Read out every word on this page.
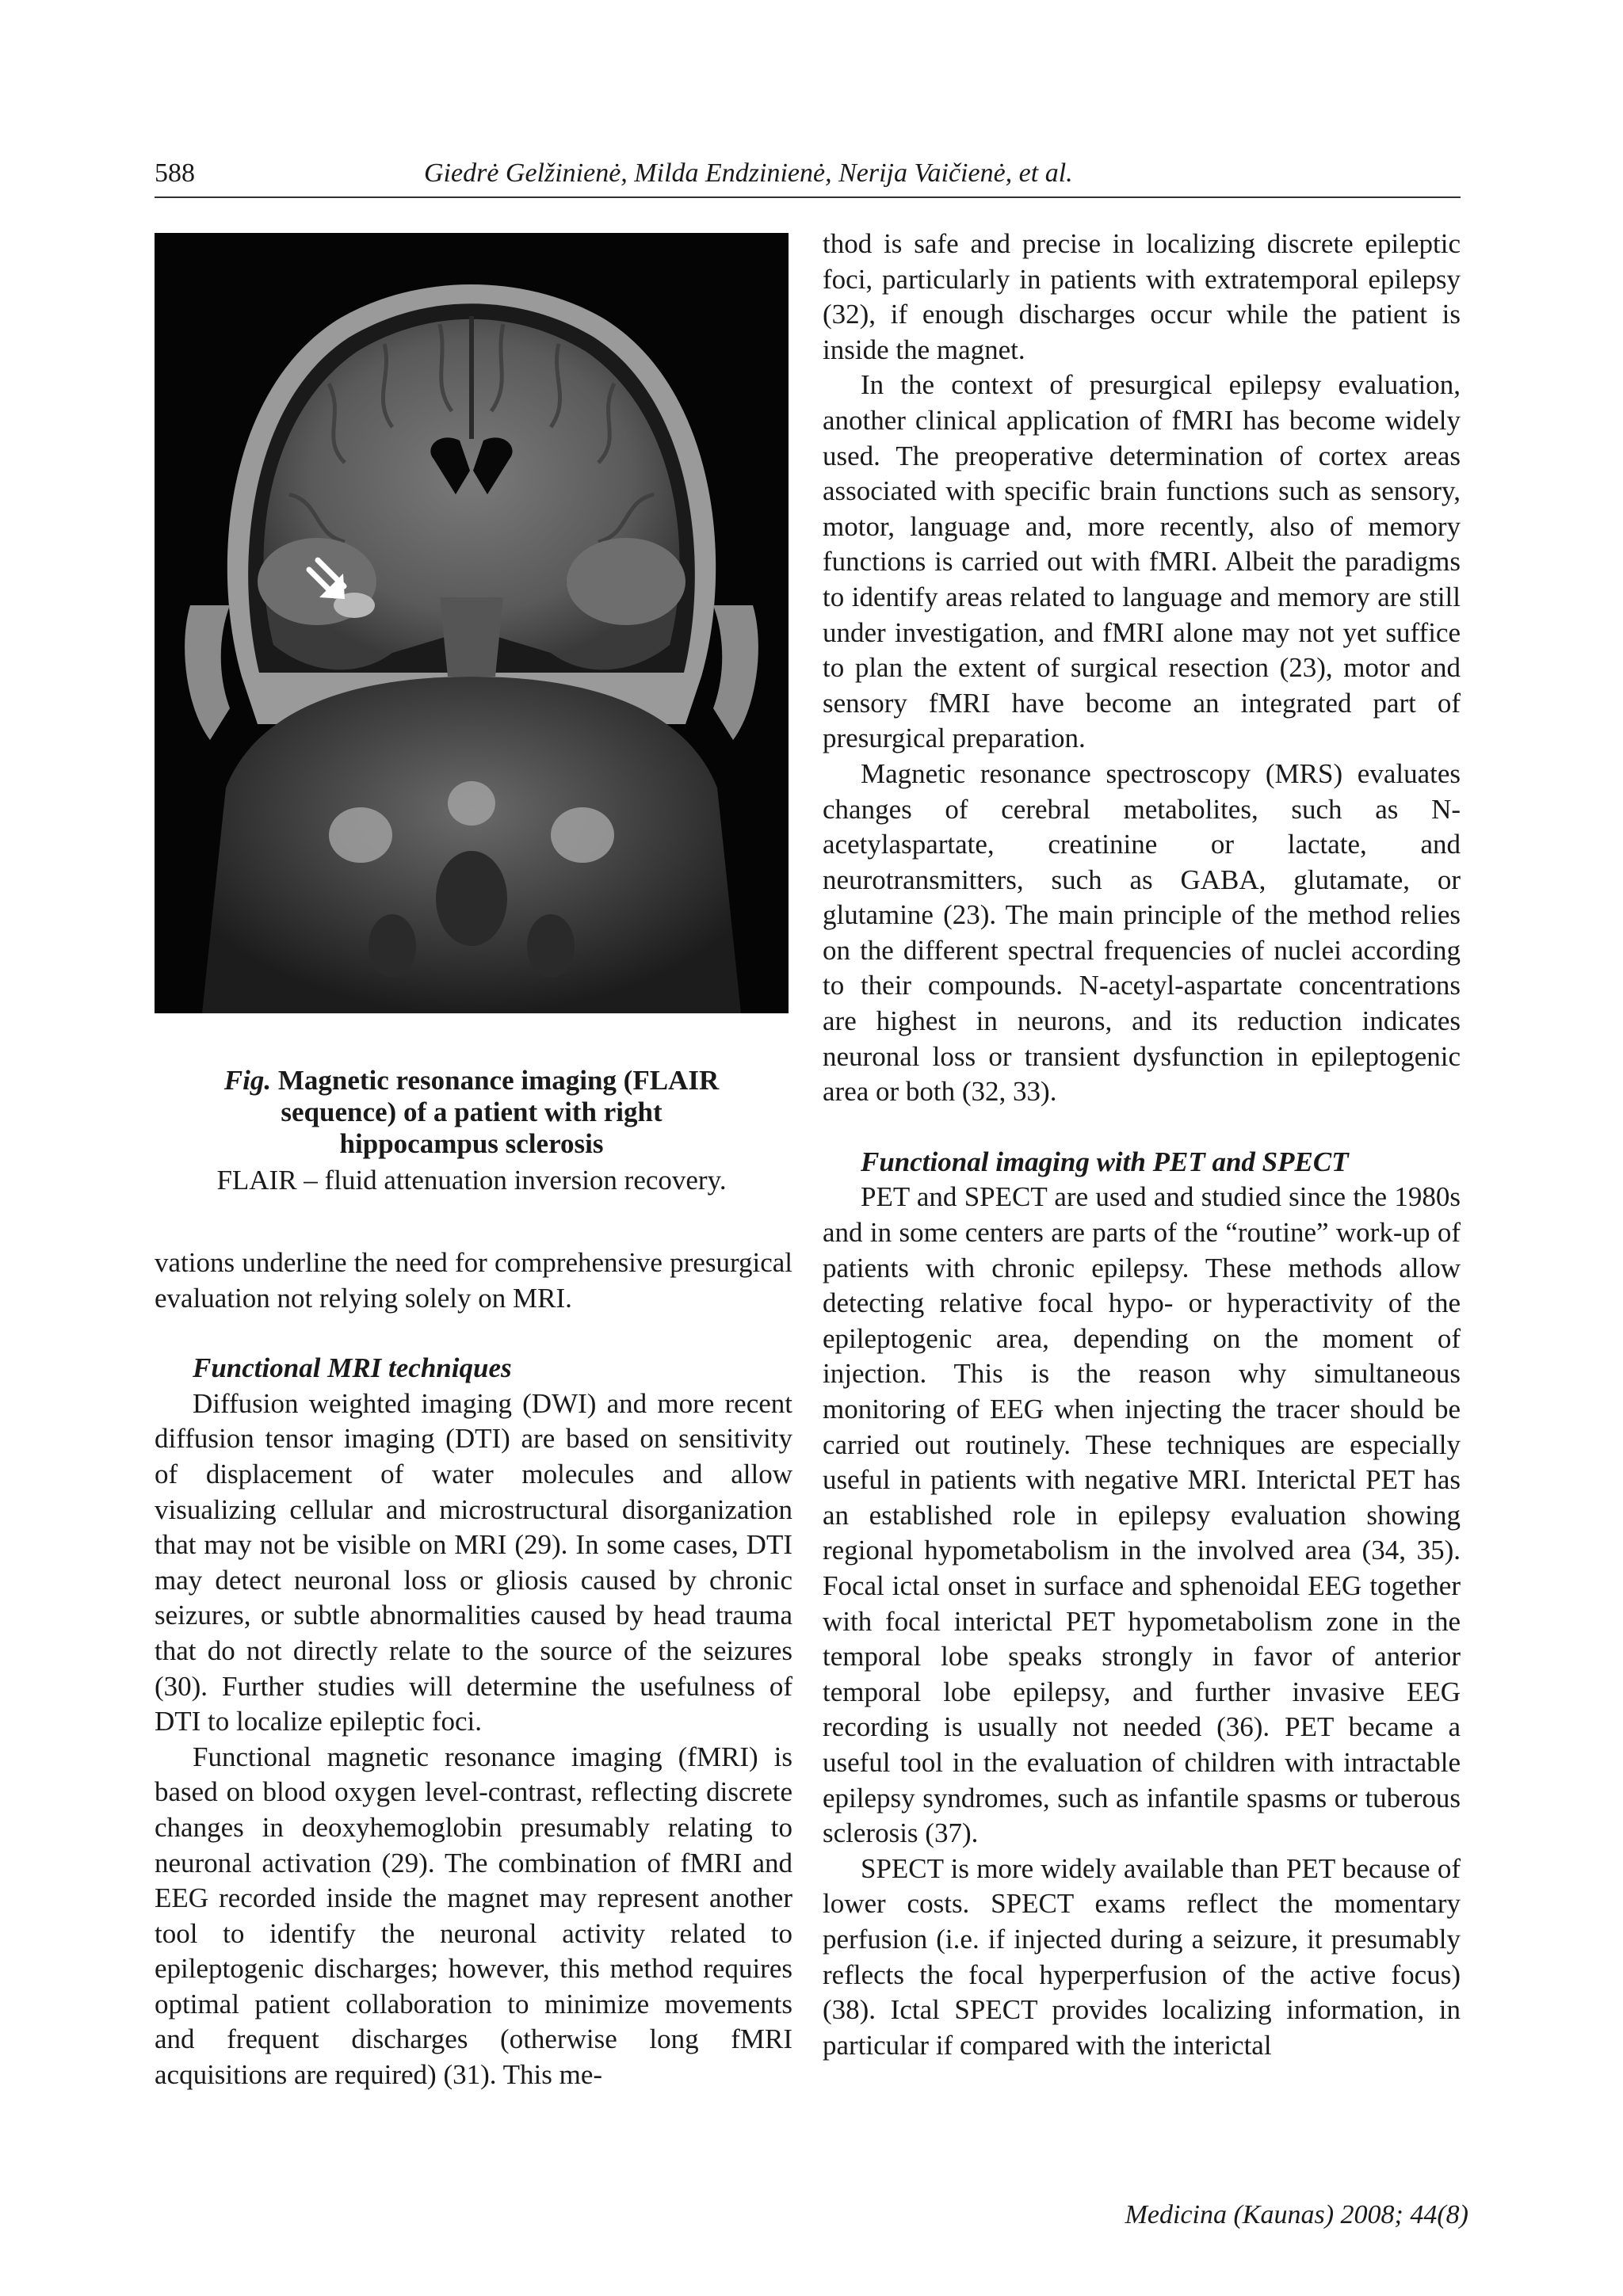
588	Giedrė Gelžinienė, Milda Endzinienė, Nerija Vaičienė, et al.
Fig. Magnetic resonance imaging (FLAIR sequence) of a patient with right hippocampus sclerosis
FLAIR – fluid attenuation inversion recovery.

vations underline the need for comprehensive presurgical evaluation not relying solely on MRI.

Functional MRI techniques

Diffusion weighted imaging (DWI) and more recent diffusion tensor imaging (DTI) are based on sensitivity of displacement of water molecules and allow visualizing cellular and microstructural disorganization that may not be visible on MRI (29). In some cases, DTI may detect neuronal loss or gliosis caused by chronic seizures, or subtle abnormalities caused by head trauma that do not directly relate to the source of the seizures (30). Further studies will determine the usefulness of DTI to localize epileptic foci.

Functional magnetic resonance imaging (fMRI) is based on blood oxygen level-contrast, reflecting discrete changes in deoxyhemoglobin presumably relating to neuronal activation (29). The combination of fMRI and EEG recorded inside the magnet may represent another tool to identify the neuronal activity related to epileptogenic discharges; however, this method requires optimal patient collaboration to minimize movements and frequent discharges (otherwise long fMRI acquisitions are required) (31). This me-

thod is safe and precise in localizing discrete epileptic foci, particularly in patients with extratemporal epilepsy (32), if enough discharges occur while the patient is inside the magnet.

In the context of presurgical epilepsy evaluation, another clinical application of fMRI has become widely used. The preoperative determination of cortex areas associated with specific brain functions such as sensory, motor, language and, more recently, also of memory functions is carried out with fMRI. Albeit the paradigms to identify areas related to language and memory are still under investigation, and fMRI alone may not yet suffice to plan the extent of surgical resection (23), motor and sensory fMRI have become an integrated part of presurgical preparation.

Magnetic resonance spectroscopy (MRS) evaluates changes of cerebral metabolites, such as N-acetylaspartate, creatinine or lactate, and neurotransmitters, such as GABA, glutamate, or glutamine (23). The main principle of the method relies on the different spectral frequencies of nuclei according to their compounds. N-acetyl-aspartate concentrations are highest in neurons, and its reduction indicates neuronal loss or transient dysfunction in epileptogenic area or both (32, 33).

Functional imaging with PET and SPECT

PET and SPECT are used and studied since the 1980s and in some centers are parts of the “routine” work-up of patients with chronic epilepsy. These methods allow detecting relative focal hypo- or hyperactivity of the epileptogenic area, depending on the moment of injection. This is the reason why simultaneous monitoring of EEG when injecting the tracer should be carried out routinely. These techniques are especially useful in patients with negative MRI. Interictal PET has an established role in epilepsy evaluation showing regional hypometabolism in the involved area (34, 35). Focal ictal onset in surface and sphenoidal EEG together with focal interictal PET hypometabolism zone in the temporal lobe speaks strongly in favor of anterior temporal lobe epilepsy, and further invasive EEG recording is usually not needed (36). PET became a useful tool in the evaluation of children with intractable epilepsy syndromes, such as infantile spasms or tuberous sclerosis (37).

SPECT is more widely available than PET because of lower costs. SPECT exams reflect the momentary perfusion (i.e. if injected during a seizure, it presumably reflects the focal hyperperfusion of the active focus) (38). Ictal SPECT provides localizing information, in particular if compared with the interictal

Medicina (Kaunas) 2008; 44(8)
